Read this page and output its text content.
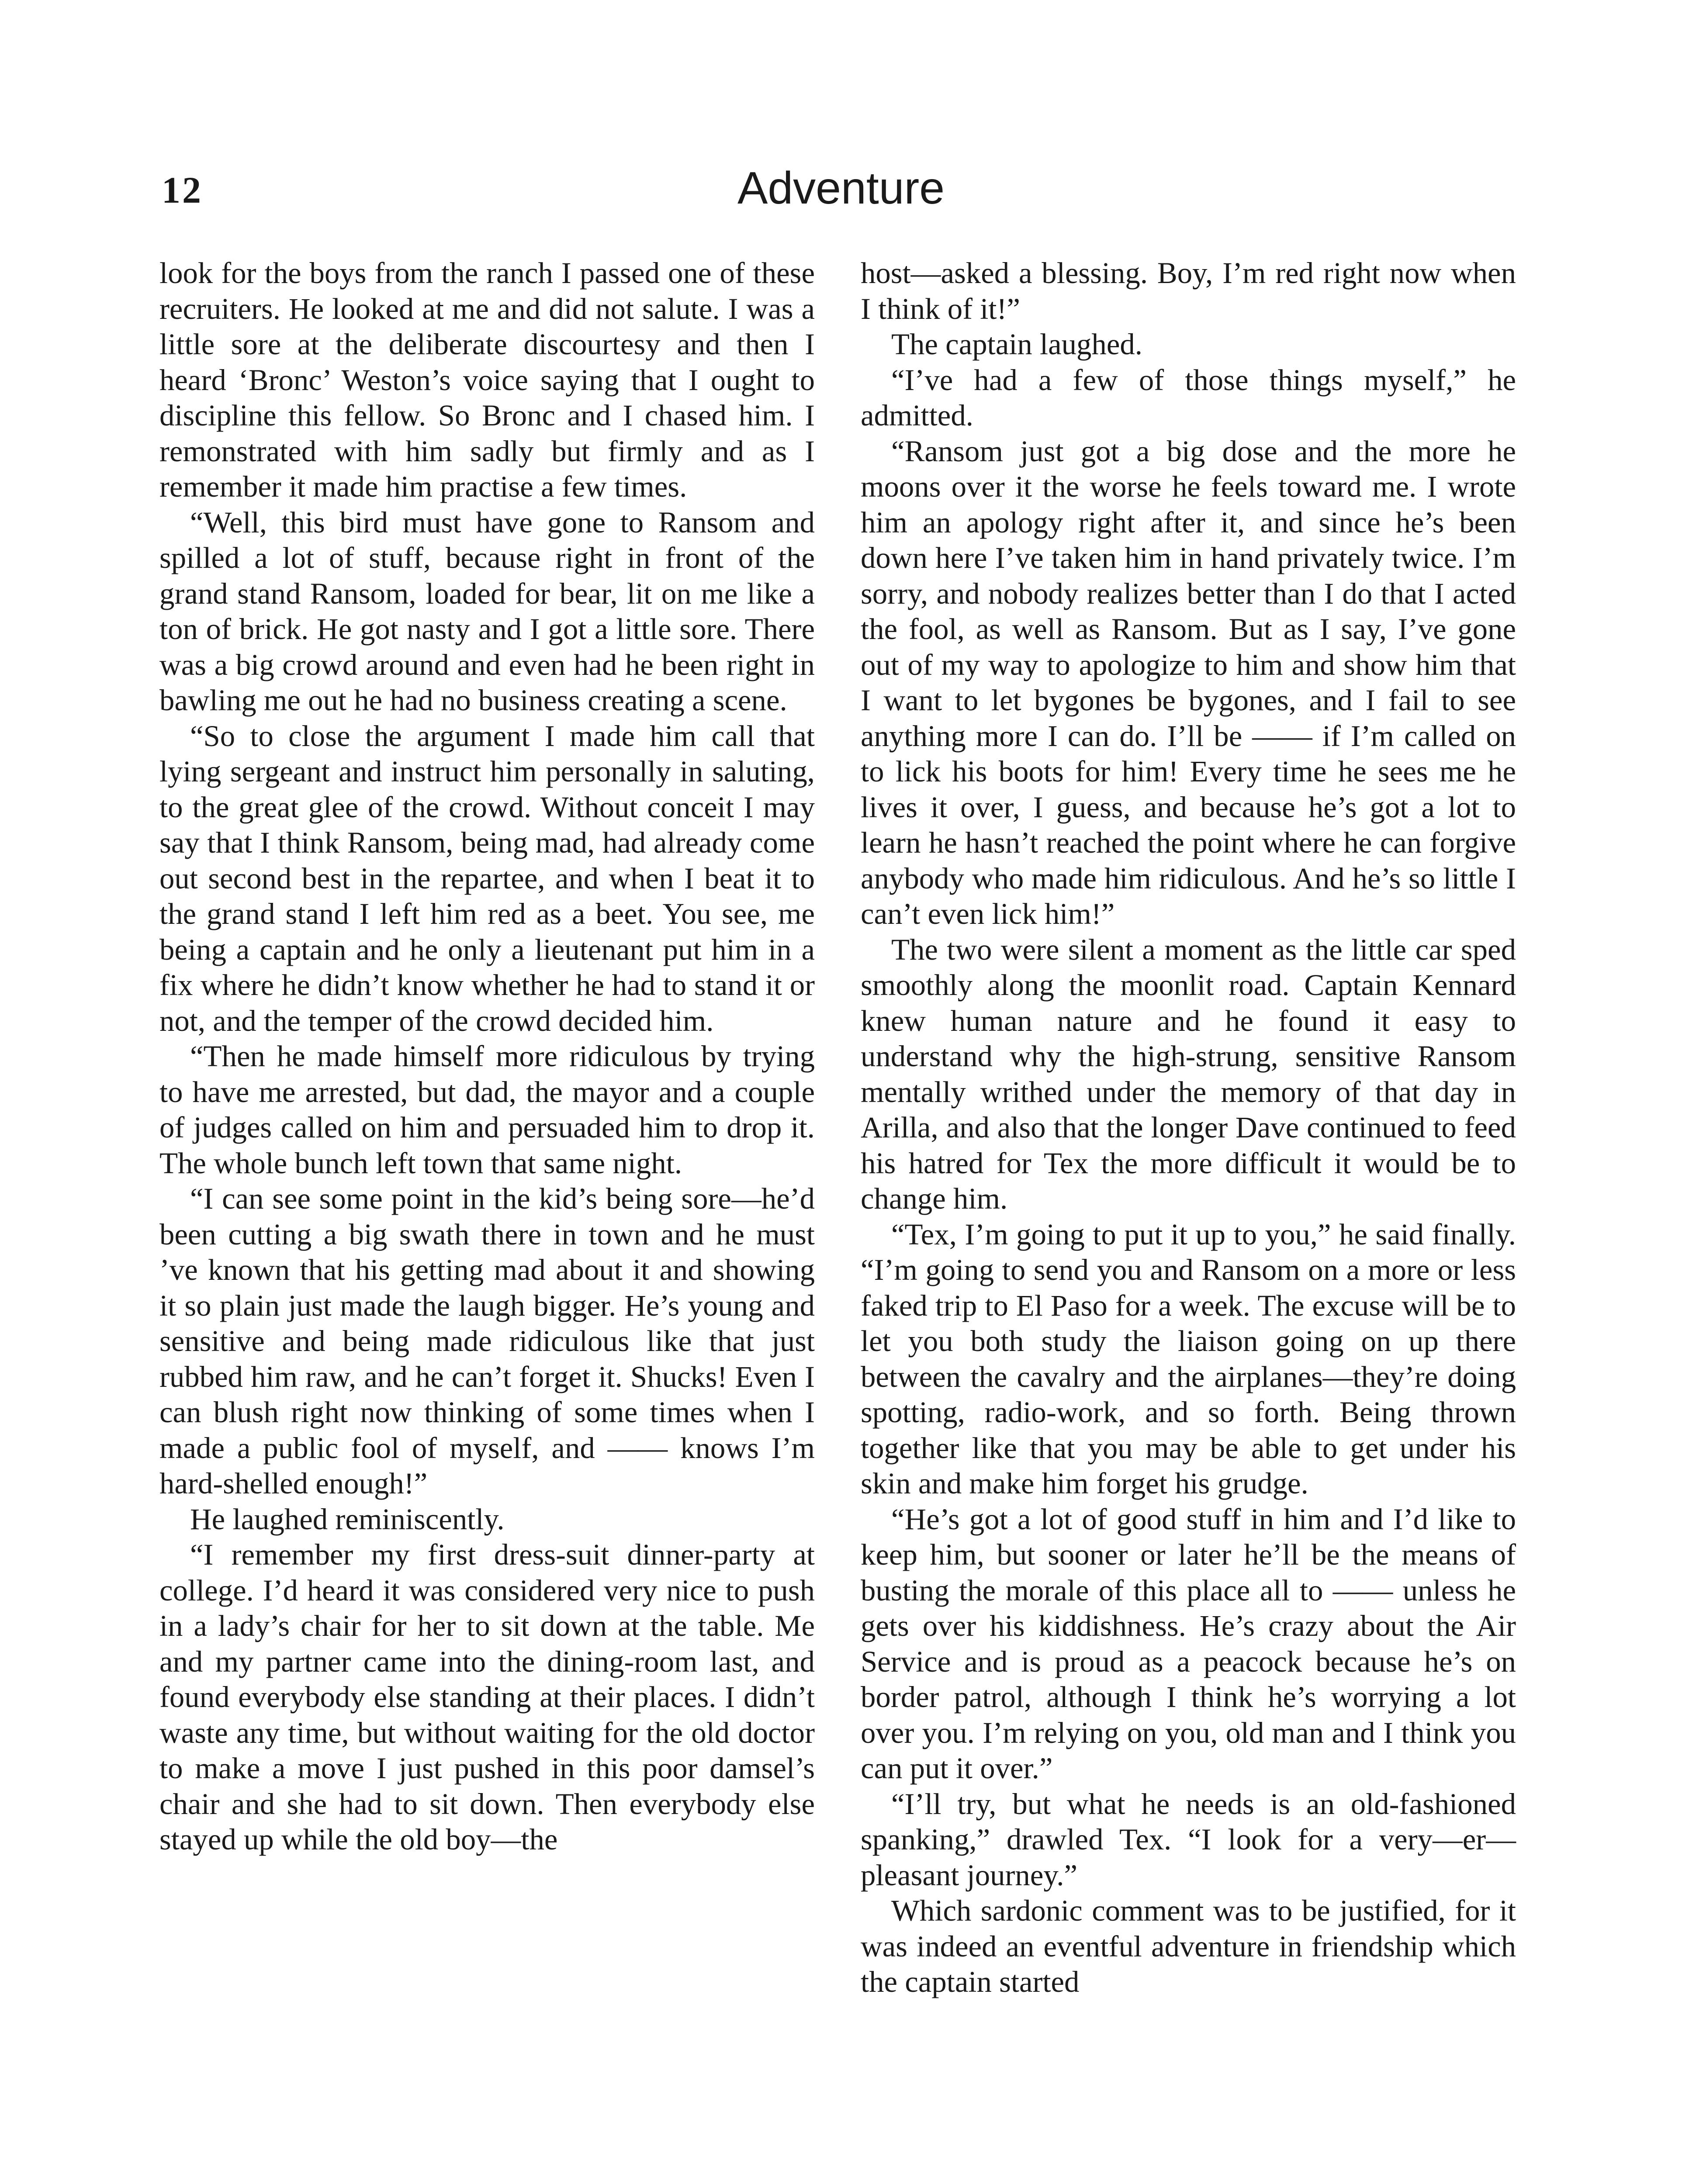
12	Adventure

look for the boys from the ranch I passed one of these recruiters. He looked at me and did not salute. I was a little sore at the deliberate discourtesy and then I heard ‘Bronc’ Weston’s voice saying that I ought to discipline this fellow. So Bronc and I chased him. I remonstrated with him sadly but firmly and as I remember it made him practise a few times.

“Well, this bird must have gone to Ransom and spilled a lot of stuff, because right in front of the grand stand Ransom, loaded for bear, lit on me like a ton of brick. He got nasty and I got a little sore. There was a big crowd around and even had he been right in bawling me out he had no business creating a scene.

“So to close the argument I made him call that lying sergeant and instruct him personally in saluting, to the great glee of the crowd. Without conceit I may say that I think Ransom, being mad, had already come out second best in the repartee, and when I beat it to the grand stand I left him red as a beet. You see, me being a captain and he only a lieutenant put him in a fix where he didn’t know whether he had to stand it or not, and the temper of the crowd decided him.

“Then he made himself more ridiculous by trying to have me arrested, but dad, the mayor and a couple of judges called on him and persuaded him to drop it. The whole bunch left town that same night.

“I can see some point in the kid’s being sore—he’d been cutting a big swath there in town and he must ’ve known that his getting mad about it and showing it so plain just made the laugh bigger. He’s young and sensitive and being made ridiculous like that just rubbed him raw, and he can’t forget it. Shucks! Even I can blush right now thinking of some times when I made a public fool of myself, and —— knows I’m hard-shelled enough!”

He laughed reminiscently.

“I remember my first dress-suit dinner-party at college. I’d heard it was considered very nice to push in a lady’s chair for her to sit down at the table. Me and my partner came into the dining-room last, and found everybody else standing at their places. I didn’t waste any time, but without waiting for the old doctor to make a move I just pushed in this poor damsel’s chair and she had to sit down. Then everybody else stayed up while the old boy—the

host—asked a blessing. Boy, I’m red right now when I think of it!”

The captain laughed.

“I’ve had a few of those things myself,” he admitted.

“Ransom just got a big dose and the more he moons over it the worse he feels toward me. I wrote him an apology right after it, and since he’s been down here I’ve taken him in hand privately twice. I’m sorry, and nobody realizes better than I do that I acted the fool, as well as Ransom. But as I say, I’ve gone out of my way to apologize to him and show him that I want to let bygones be bygones, and I fail to see anything more I can do. I’ll be —— if I’m called on to lick his boots for him! Every time he sees me he lives it over, I guess, and because he’s got a lot to learn he hasn’t reached the point where he can forgive anybody who made him ridiculous. And he’s so little I can’t even lick him!”

The two were silent a moment as the little car sped smoothly along the moonlit road. Captain Kennard knew human nature and he found it easy to understand why the high-strung, sensitive Ransom mentally writhed under the memory of that day in Arilla, and also that the longer Dave continued to feed his hatred for Tex the more difficult it would be to change him.

“Tex, I’m going to put it up to you,” he said finally. “I’m going to send you and Ransom on a more or less faked trip to El Paso for a week. The excuse will be to let you both study the liaison going on up there between the cavalry and the airplanes—they’re doing spotting, radio-work, and so forth. Being thrown together like that you may be able to get under his skin and make him forget his grudge.

“He’s got a lot of good stuff in him and I’d like to keep him, but sooner or later he’ll be the means of busting the morale of this place all to —— unless he gets over his kiddishness. He’s crazy about the Air Service and is proud as a peacock because he’s on border patrol, although I think he’s worrying a lot over you. I’m relying on you, old man and I think you can put it over.”

“I’ll try, but what he needs is an old-fashioned spanking,” drawled Tex. “I look for a very—er—pleasant journey.”

Which sardonic comment was to be justified, for it was indeed an eventful adventure in friendship which the captain started
